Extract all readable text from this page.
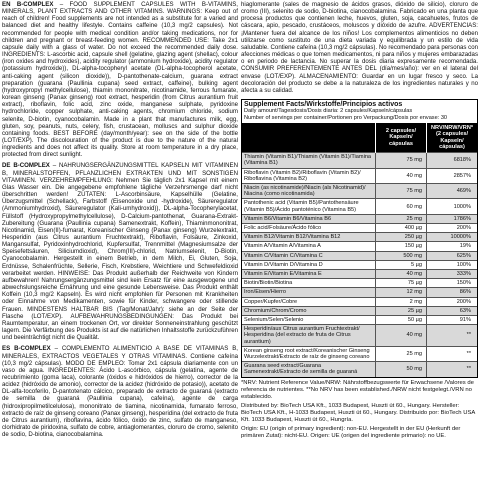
EN B-COMPLEX – FOOD SUPPLEMENT CAPSULES WITH B-VITAMINS, MINERALS, PLANT EXTRACTS AND OTHER VITAMINS. WARNINGS: Keep out of reach of children! Food supplements are not intended as a substitute for a varied and balanced diet and healthy lifestyle. Contains caffeine (10,3 mg/2 capsules). Not recommended for people with medical condition and/or taking medications, nor for children and pregnant or breast-feeding women. RECOMMENDED USE: Take 2x1 capsule daily with a glass of water. Do not exceed the recommended daily dose. INGREDIENTS: L-ascorbic acid, capsule shell (gelatine, glazing agent (shellac), colour (iron oxides and hydroxides), acidity regulator (ammonium hydroxide), acidity regulator (potassium hydroxide)), DL-alpha-tocopheryl acetate (DL-alpha-tocopherol acetate, anti-caking agent (silicon dioxide)), D-pantothenate-calcium, guarana extract preparation (guarana (Paullinia cupana) seed extract, caffeine), bulking agent (hydroxypropyl methylcellulose), thiamin mononitrate, nicotinamide, ferrous fumarate, korean ginseng (Panax ginseng) root extract, hesperidin (from Citrus aurantium fruit extract), riboflavin, folic acid, zinc oxide, manganese sulphate, pyridoxine hydrochloride, copper sulphate, anti-caking agents, chromium chloride, sodium selenite, D-biotin, cyanocobalamin. Made in a plant that manufactures milk, egg, gluten, soy, peanuts, nuts, celery, fish, crustacean, molluscs and sulphur dioxide containing foods. BEST BEFORE (day/month/year): see on the side of the bottle (LOT/EXP). The discolouration of the product is due to the nature of the natural ingredients and does not affect its quality. Store at room temperature in a dry place, protected from direct sunlight.
DE B-COMPLEX – NAHRUNGSERGÄNZUNGSMITTEL KAPSELN MIT VITAMINEN B, MINERALSTOFFEN, PFLANZLICHEN EXTRAKTEN UND MIT SONSTIGEN VITAMINEN. VERZEHREMPFEHLUNG: Nehmen Sie täglich 2x1 Kapsel mit einem Glas Wasser ein. Die angegebene empfohlene tägliche Verzehrsmenge darf nicht überschritten werden! ZUTATEN: L-Ascorbinsäure, Kapselhülle (Gelatine, Überzugsmittel (Schellack), Farbstoff (Eisenoxide und -hydroxide), Säureregulator (Ammoniumhydroxid), Säureregulator (Kali-umhydroxid)), DL-alpha-Tocopherylacetat, Füllstoff (Hydroxypropylmethylcellulose), D-Calcium-pantothenat, Guarana-Extrakt-Zubereitung (Guarana (Paullinia cupana) Samenextrakt, Koffein), Thiaminmononitrat, Nicotinamid, Eisen(II)-fumarat, Koreanischer Ginseng (Panax ginseng) Wurzelextrakt, Hesperidin (aus Citrus aurantium Fruchtextrakt), Riboflavin, Folsäure, Zinkoxid, Mangansulfat, Pyridoxinhydrochlorid, Kupfersulfat, Trennmittel (Magnesiumsalze der Speisefettsäuren, Siliciumdioxid), Chrom(III)-chlorid, Natriumselenit, D-Biotin, Cyanocobalamin. Hergestellt in einem Betrieb, in dem Milch, Ei, Gluten, Soja, Erdnüsse, Schalenfrüchte, Sellerie, Fisch, Krebstiere, Weichtiere und Schwefeldioxid verarbeitet werden. HINWEISE: Das Produkt außerhalb der Reichweite von Kindern aufbewahren! Nahrungsergänzungsmittel sind kein Ersatz für eine ausgewogene und abwechslungsreiche Ernährung und eine gesunde Lebensweise. Das Produkt enthält Koffein (10,3 mg/2 Kapseln). Es wird nicht empfohlen für Personen mit Krankheiten oder Einnahme von Medikamenten, sowie für Kinder, schwangere oder stillende Frauen. MINDESTENS HALTBAR BIS (Tag/Monat/Jahr): siehe an der Seite der Flasche (LOT/EXP). AUFBEWAHRUNGSBEDINGUNGEN: Das Produkt bei Raumtemperatur, an einem trockenen Ort, vor direkter Sonneneinstrahlung geschützt lagern. Die Verfärbung des Produkts ist auf die natürlichen Inhaltsstoffe zurückzuführen und beeinträchtigt nicht die Qualität.
ES B-COMPLEX – COMPLEMENTO ALIMENTICIO A BASE DE VITAMINAS B, MINERALES, EXTRACTOS VEGETALES Y OTRAS VITAMINAS. Contiene cafeína (10,3 mg/2 cápsulas). MODO DE EMPLEO: Tomar 2x1 cápsula diariamente con un vaso de agua. INGREDIENTES: Ácido L-ascórbico, cápsula (gelatina, agente de recubrimiento (goma laca), colorante (óxidos e hidróxidos de hierro), corrector de la acidez (hidróxido de amonio), corrector de la acidez (hidróxido de potasio)), acetato de DL-alfa-tocoferilo, D-pantotenato cálcico, preparado de extracto de guaraná (extracto de semilla de guaraná (Paullinia cupana), cafeína), agente de carga (hidroxipropilmetilcelulosa), mononitrato de tiamina, nicotinamida, fumarato ferroso, extracto de raíz de ginseng coreano (Panax ginseng), hesperidina (del extracto de fruta de Citrus aurantium), riboflavina, ácido fólico, óxido de zinc, sulfato de manganeso, clorhidrato de piridoxina, sulfato de cobre, antiaglomerantes, cloruro de cromo, selenito de sodio, D-biotina, cianocobalamina.
hiaglomerante (sales de magnesio de ácidos grasos, dióxido de silicio), cloruro de cromo (III), selenito de sodio, D-biotina, cianocobalamina. Fabricado en una planta que procesa productos que contienen leche, huevos, gluten, soja, cacahuetes, frutos de cáscara, apio, pescado, crustáceos, moluscos y dióxido de azufre. ADVERTENCIAS: ¡Mantener fuera del alcance de los niños! Los complementos alimenticios no deben utilizarse como sustituto de una dieta variada y equilibrada y un estilo de vida saludable. Contiene cafeína (10,3 mg/2 cápsulas). No recomendado para personas con afecciones médicas o que tomen medicamentos, ni para niños y mujeres embarazadas o en periodo de lactancia. No superar la dosis diaria expresamente recomendada. CONSUMIR PREFERENTEMENTE ANTES DEL (día/mes/año): ver en el lateral del envase (LOT/EXP). ALMACENAMIENTO: Guardar en un lugar fresco y seco. La decoloración del producto se debe a la naturaleza de los ingredientes naturales y no afecta a su calidad.
Supplement Facts/Wirkstoffe/Principios activos
Daily amount/Tagesdosis/Dosis diaria: 2 capsules/Kapseln/cápsulas
Number of servings per container/Portionen pro Verpackung/Dosis por envase: 30
	2 capsules/ Kapseln/ cápsulas	NRV/NRW/VRN* (2 capsules/ Kapseln/ cápsulas)
Thiamin (Vitamin B1)/Thiamin (Vitamin B1)/Tiamina (Vitamina B1)	75 mg	6818%
Riboflavin (Vitamin B2)/Riboflavin (Vitamin B2)/ Riboflavina (Vitamina B2)	40 mg	2857%
Niacin (as nicotinamide)/Niacin (als Nicotinamid)/ Niacina (como nicotinamida)	75 mg	469%
Pantothenic acid (Vitamin B5)/Pantothensäure (Vitamin B5)/Ácido pantoténico (Vitamina B5)	60 mg	1000%
Vitamin B6/Vitamin B6/Vitamina B6	25 mg	1786%
Folic acid/Folsäure/Ácido fólico	400 µg	200%
Vitamin B12/Vitamin B12/Vitamina B12	250 µg	10000%
Vitamin A/Vitamin A/Vitamina A	150 µg	19%
Vitamin C/Vitamin C/Vitamina C	500 mg	625%
Vitamin D/Vitamin D/Vitamina D	5 µg	100%
Vitamin E/Vitamin E/Vitamina E	40 mg	333%
Biotin/Biotin/Biotina	75 µg	150%
Iron/Eisen/Hierro	12 mg	86%
Copper/Kupfer/Cobre	2 mg	200%
Chromium/Chrom/Cromo	25 µg	63%
Selenium/Selen/Selenio	50 µg	91%
Hesperidin/aus Citrus aurantium Fruchtextrakt/ Hesperidina (del extracto de fruta de Citrus aurantium)	40 mg	**
Korean ginseng root extract/Koreanischer Ginseng Wurzelextrakt/Extracto de raíz de ginseng coreano	25 mg	**
Guarana seed extract/Guarana Samenextrakt/Extracto de semilla de guaraná	50 mg	**
*NRV: Nutrient Reference Value/NRW: Nährstoffbezugswerte für Erwachsene /Valores de referencia de nutrientes. **No NRV has been established./NRW nicht festgelegt./VRN no establecido.
Distributed by: BioTech USA Kft., 1033 Budapest, Huszti út 60., Hungary. Hersteller: BioTech USA Kft., H-1033 Budapest, Huszti út 60., Hungary. Distribuido por: BioTech USA Kft. 1033 Budapest, Huszti út 60., Hungría.
Origin: EU (origin of primary ingredient): non-EU. Hergestellt in der EU (Herkunft der primären Zutat): nicht-EU. Origen: UE (origen del ingrediente primario): no UE.
